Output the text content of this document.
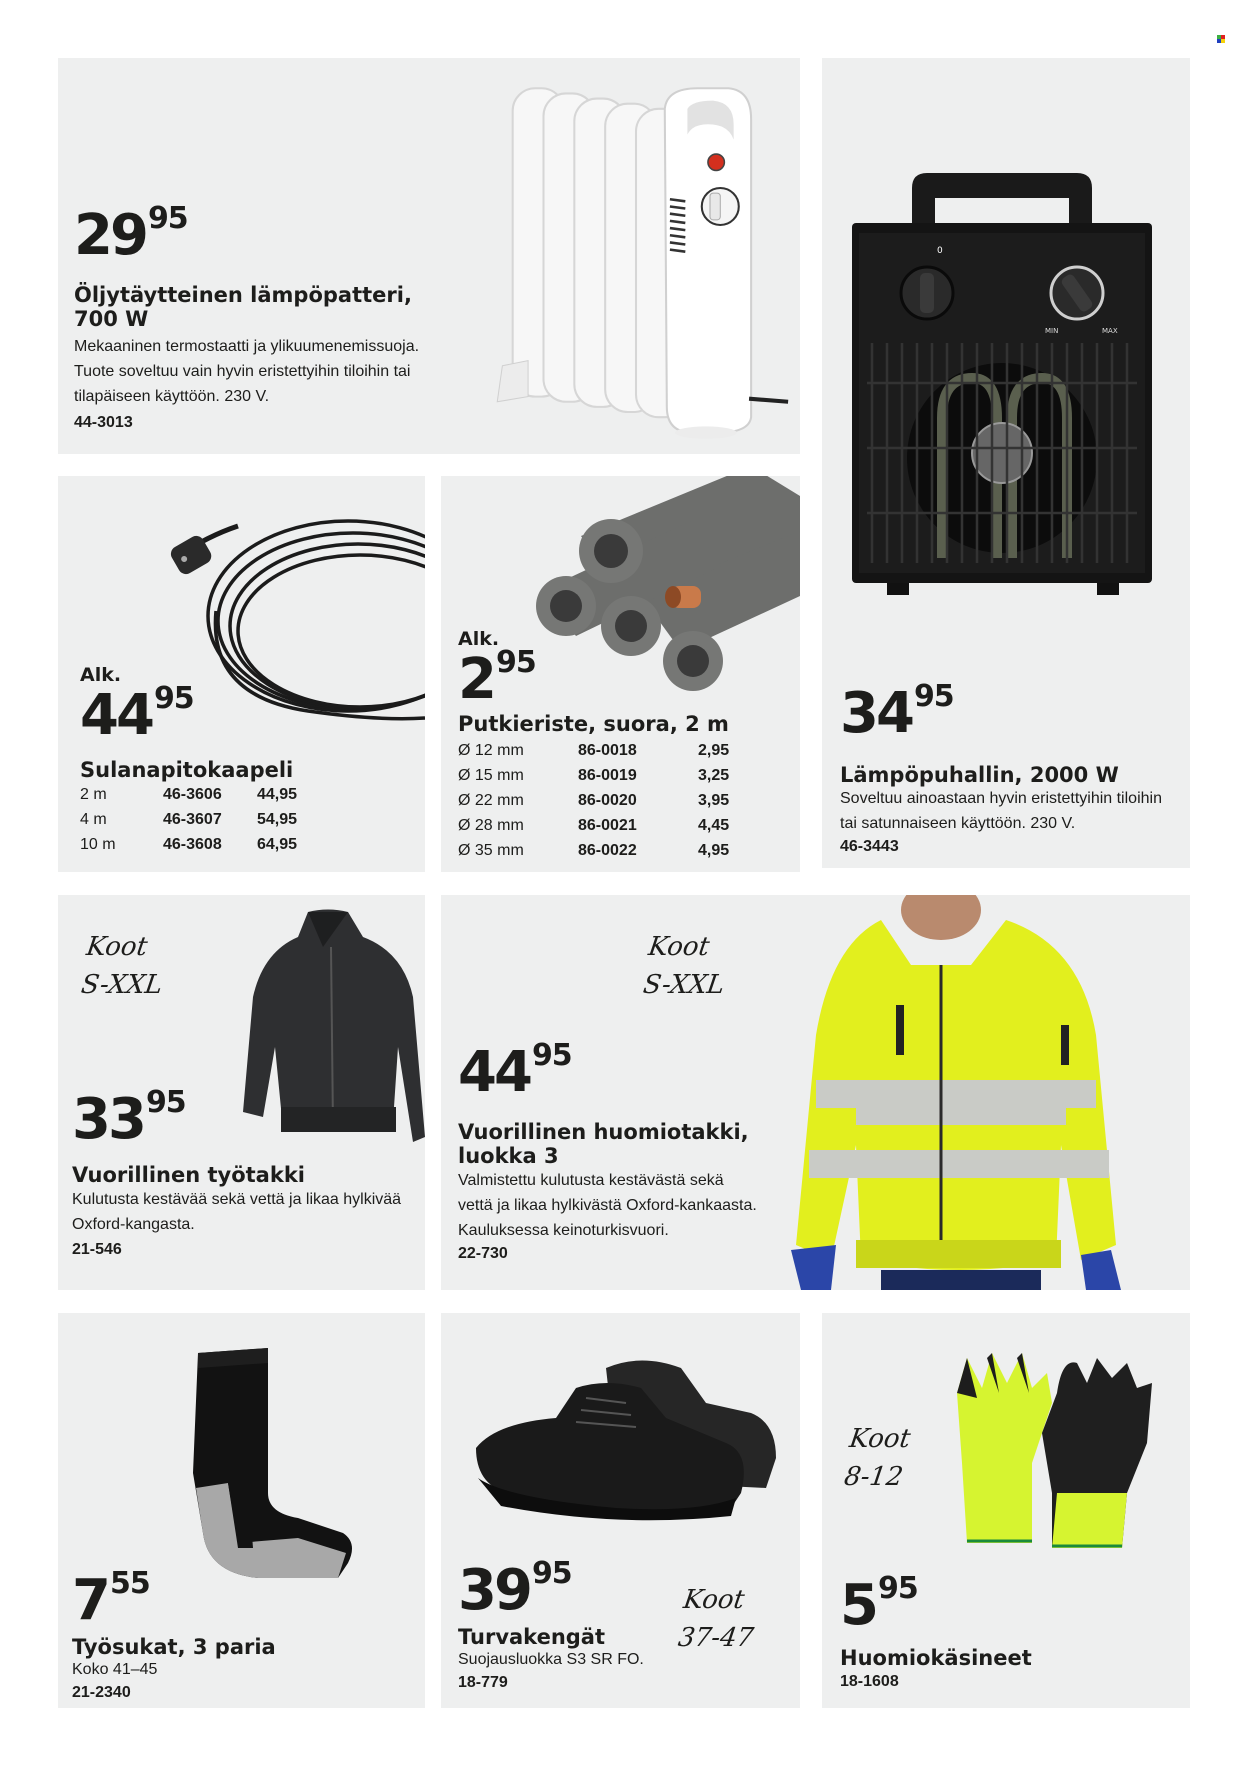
2995
Öljytäytteinen lämpöpatteri,
700 W
Mekaaninen termostaatti ja ylikuumenemissuoja.
Tuote soveltuu vain hyvin eristettyihin tiloihin tai
tilapäiseen käyttöön. 230 V.
44-3013
0
MIN	MAX
3495
Lämpöpuhallin, 2000 W
Soveltuu ainoastaan hyvin eristettyihin tiloihin
tai satunnaiseen käyttöön. 230 V.
46-3443
Alk.
4495
Sulanapitokaapeli
2 m	46-3606	44,95
4 m	46-3607	54,95
10 m	46-3608	64,95
Alk.
295
Putkieriste, suora, 2 m
Ø 12 mm	86-0018	2,95
Ø 15 mm	86-0019	3,25
Ø 22 mm	86-0020	3,95
Ø 28 mm	86-0021	4,45
Ø 35 mm	86-0022	4,95
Koot
S-XXL
3395
Vuorillinen työtakki
Kulutusta kestävää sekä vettä ja likaa hylkivää
Oxford-kangasta.
21-546
Koot
S-XXL
4495
Vuorillinen huomiotakki,
luokka 3
Valmistettu kulutusta kestävästä sekä
vettä ja likaa hylkivästä Oxford-kankaasta.
Kauluksessa keinoturkisvuori.
22-730
755
Työsukat, 3 paria
Koko 41–45
21-2340
3995
Turvakengät
Suojausluokka S3 SR FO.
18-779
Koot
37-47
Koot
8-12
595
Huomiokäsineet
18-1608
